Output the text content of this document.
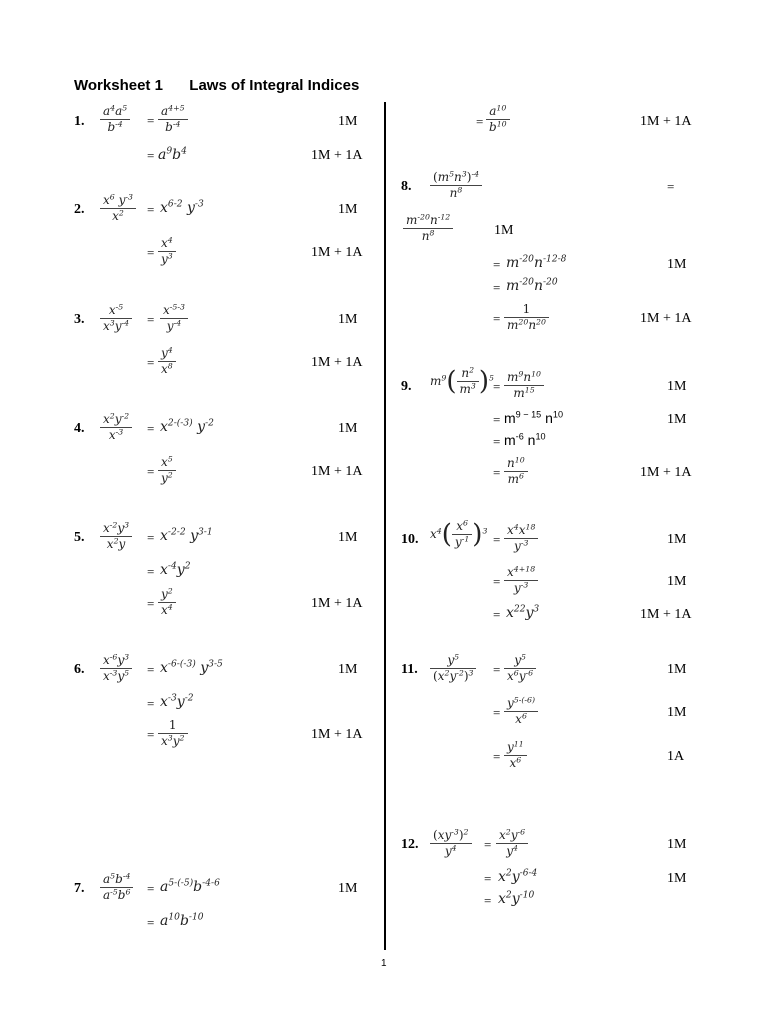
Worksheet 1 Laws of Integral Indices
1. $\frac{a^4a^5}{b^{-4}} = \frac{a^{4+5}}{b^{-4}}$	1M
= $a^9b^4$	1M + 1A
2. $\frac{x^6 y^{-3}}{x^2} = x^{6-2}$ $y^{-3}$	1M
= $\frac{x^4}{y^3}$	1M + 1A
3. $\frac{x^{-5}}{x^3y^{-4}} = \frac{x^{-5-3}}{y^{-4}}$	1M
= $\frac{y^4}{x^8}$	1M + 1A
4. $\frac{x^2y^{-2}}{x^{-3}} = x^{2-(-3)}$ $y^{-2}$	1M
= $\frac{x^5}{y^2}$	1M + 1A
5. $\frac{x^{-2}y^3}{x^2y} = x^{-2-2}$ $y^{3-1}$	1M
= $x^{-4}y^2$
= $\frac{y^2}{x^4}$	1M + 1A
6. $\frac{x^{-6}y^3}{x^{-3}y^5} = x^{-6-(-3)}$ $y^{3-5}$	1M
= $x^{-3}y^{-2}$
= $\frac{1}{x^3y^2}$	1M + 1A
7. $\frac{a^5b^{-4}}{a^{-5}b^6} = a^{5-(-5)}b^{-4-6}$	1M
= $a^{10}b^{-10}$
= $\frac{a^{10}}{b^{10}}$	1M + 1A
8. $\frac{(m^5n^3)^{-4}}{n^8}$	=
$\frac{m^{-20}n^{-12}}{n^8}$	1M
= $m^{-20}n^{-12-8}$	1M
= $m^{-20}n^{-20}$
= $\frac{1}{m^{20}n^{20}}$	1M + 1A
9. $m^9( \frac{n^2}{m^3} )^5$
= $\frac{m^9n^{10}}{m^{15}}$	1M
= $m^{9 - 15}$ $n^{10}$	1M
= $m^{-6}$ $n^{10}$
= $\frac{n^{10}}{m^6}$	1M + 1A
10. $x^4( \frac{x^6}{y^{-1}} )^3$
= $\frac{x^4x^{18}}{y^{-3}}$	1M
= $\frac{x^{4+18}}{y^{-3}}$	1M
= $x^{22}y^3$	1M + 1A
11. $\frac{y^5}{(x^2y^{-2})^3} = \frac{y^5}{x^6y^{-6}}$	1M
= $\frac{y^{5-(-6)}}{x^6}$	1M
= $\frac{y^{11}}{x^6}$	1A
12. $\frac{(xy^{-3})^2}{y^4} = \frac{x^2y^{-6}}{y^4}$	1M
= $x^2y^{-6-4}$	1M
= $x^2y^{-10}$
1
